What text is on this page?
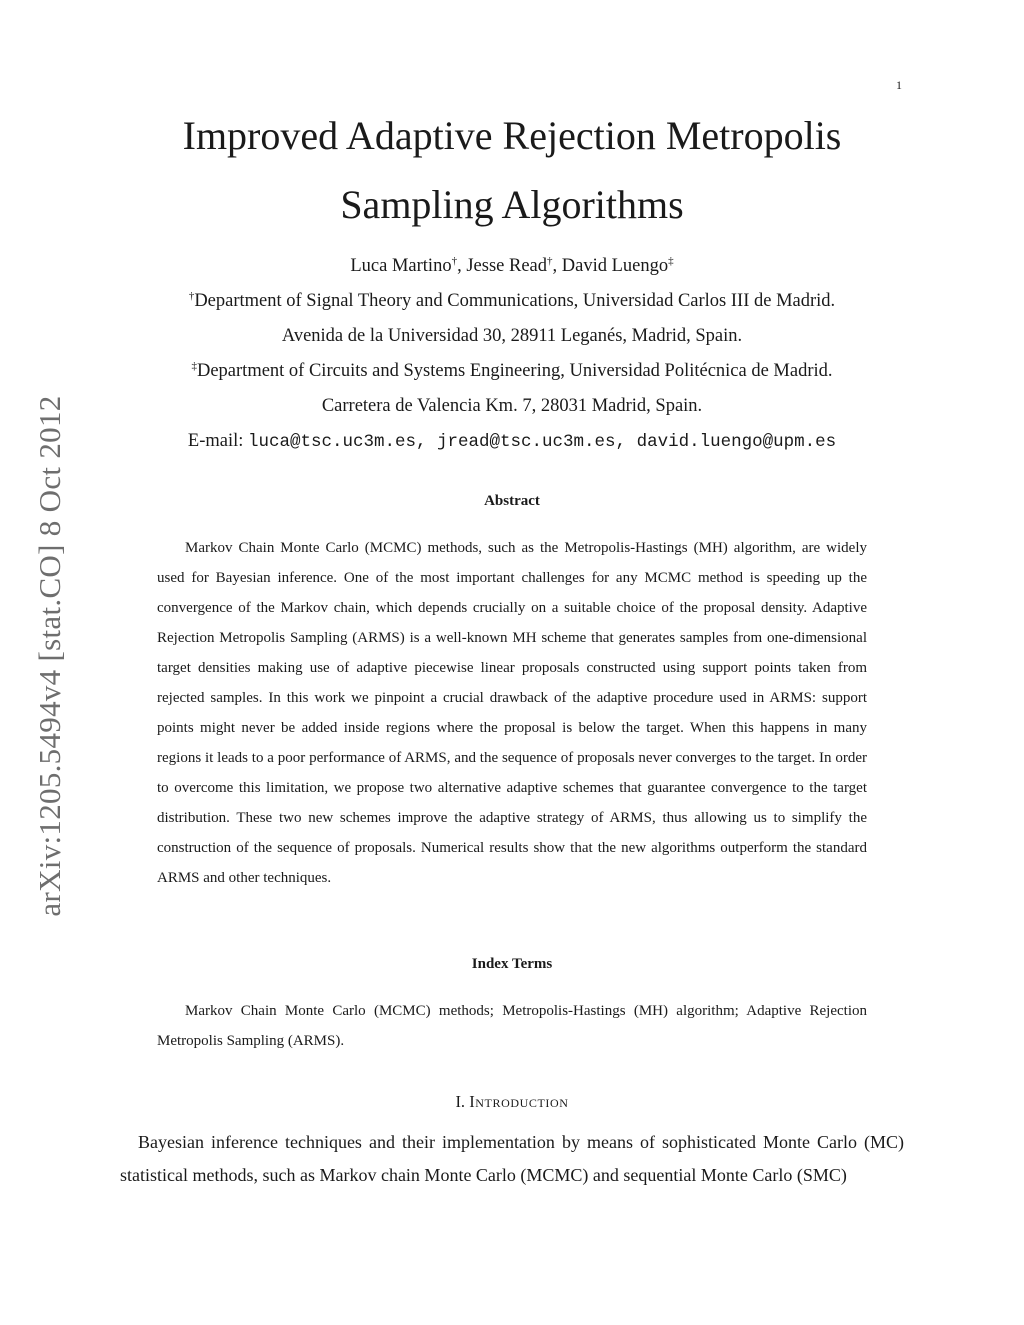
1
arXiv:1205.5494v4 [stat.CO] 8 Oct 2012
Improved Adaptive Rejection Metropolis
Sampling Algorithms
Luca Martino†, Jesse Read†, David Luengo‡
†Department of Signal Theory and Communications, Universidad Carlos III de Madrid.
Avenida de la Universidad 30, 28911 Leganés, Madrid, Spain.
‡Department of Circuits and Systems Engineering, Universidad Politécnica de Madrid.
Carretera de Valencia Km. 7, 28031 Madrid, Spain.
E-mail: luca@tsc.uc3m.es, jread@tsc.uc3m.es, david.luengo@upm.es
Abstract
Markov Chain Monte Carlo (MCMC) methods, such as the Metropolis-Hastings (MH) algorithm, are widely used for Bayesian inference. One of the most important challenges for any MCMC method is speeding up the convergence of the Markov chain, which depends crucially on a suitable choice of the proposal density. Adaptive Rejection Metropolis Sampling (ARMS) is a well-known MH scheme that generates samples from one-dimensional target densities making use of adaptive piecewise linear proposals constructed using support points taken from rejected samples. In this work we pinpoint a crucial drawback of the adaptive procedure used in ARMS: support points might never be added inside regions where the proposal is below the target. When this happens in many regions it leads to a poor performance of ARMS, and the sequence of proposals never converges to the target. In order to overcome this limitation, we propose two alternative adaptive schemes that guarantee convergence to the target distribution. These two new schemes improve the adaptive strategy of ARMS, thus allowing us to simplify the construction of the sequence of proposals. Numerical results show that the new algorithms outperform the standard ARMS and other techniques.
Index Terms
Markov Chain Monte Carlo (MCMC) methods; Metropolis-Hastings (MH) algorithm; Adaptive Rejection Metropolis Sampling (ARMS).
I. Introduction
Bayesian inference techniques and their implementation by means of sophisticated Monte Carlo (MC) statistical methods, such as Markov chain Monte Carlo (MCMC) and sequential Monte Carlo (SMC)
